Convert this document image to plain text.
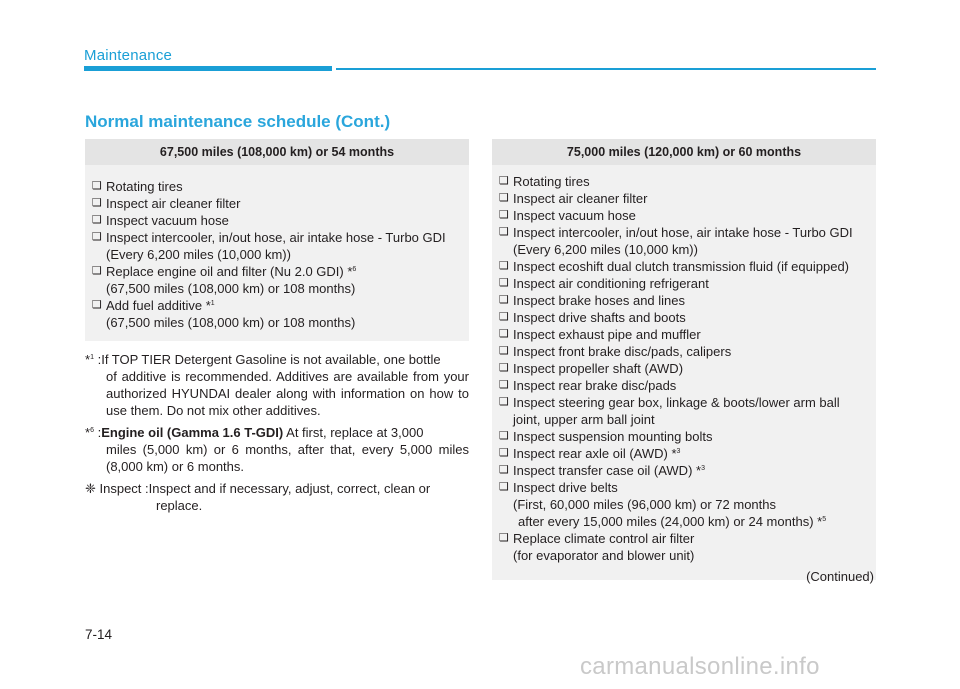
Maintenance
Normal maintenance schedule (Cont.)
67,500 miles (108,000 km) or 54 months
❑ Rotating tires
❑ Inspect air cleaner filter
❑ Inspect vacuum hose
❑ Inspect intercooler, in/out hose, air intake hose - Turbo GDI
(Every 6,200 miles (10,000 km))
❑ Replace engine oil and filter (Nu 2.0 GDI) *$^6$
(67,500 miles (108,000 km) or 108 months)
❑ Add fuel additive *$^1$
(67,500 miles (108,000 km) or 108 months)
*$^1$ : If TOP TIER Detergent Gasoline is not available, one bottle
of additive is recommended. Additives are available from your authorized HYUNDAI dealer along with information on how to use them. Do not mix other additives.
*$^6$ : Engine oil (Gamma 1.6 T-GDI) At first, replace at 3,000
miles (5,000 km) or 6 months, after that, every 5,000 miles (8,000 km) or 6 months.
❈ Inspect : Inspect and if necessary, adjust, correct, clean or
replace.
75,000 miles (120,000 km) or 60 months
❑ Rotating tires
❑ Inspect air cleaner filter
❑ Inspect vacuum hose
❑ Inspect intercooler, in/out hose, air intake hose - Turbo GDI
(Every 6,200 miles (10,000 km))
❑ Inspect ecoshift dual clutch transmission fluid (if equipped)
❑ Inspect air conditioning refrigerant
❑ Inspect brake hoses and lines
❑ Inspect drive shafts and boots
❑ Inspect exhaust pipe and muffler
❑ Inspect front brake disc/pads, calipers
❑ Inspect propeller shaft (AWD)
❑ Inspect rear brake disc/pads
❑ Inspect steering gear box, linkage & boots/lower arm ball
joint, upper arm ball joint
❑ Inspect suspension mounting bolts
❑ Inspect rear axle oil (AWD) *$^3$
❑ Inspect transfer case oil (AWD) *$^3$
❑ Inspect drive belts
(First, 60,000 miles (96,000 km) or 72 months
after every 15,000 miles (24,000 km) or 24 months) *$^5$
❑ Replace climate control air filter
(for evaporator and blower unit)
(Continued)
7-14
carmanualsonline.info
